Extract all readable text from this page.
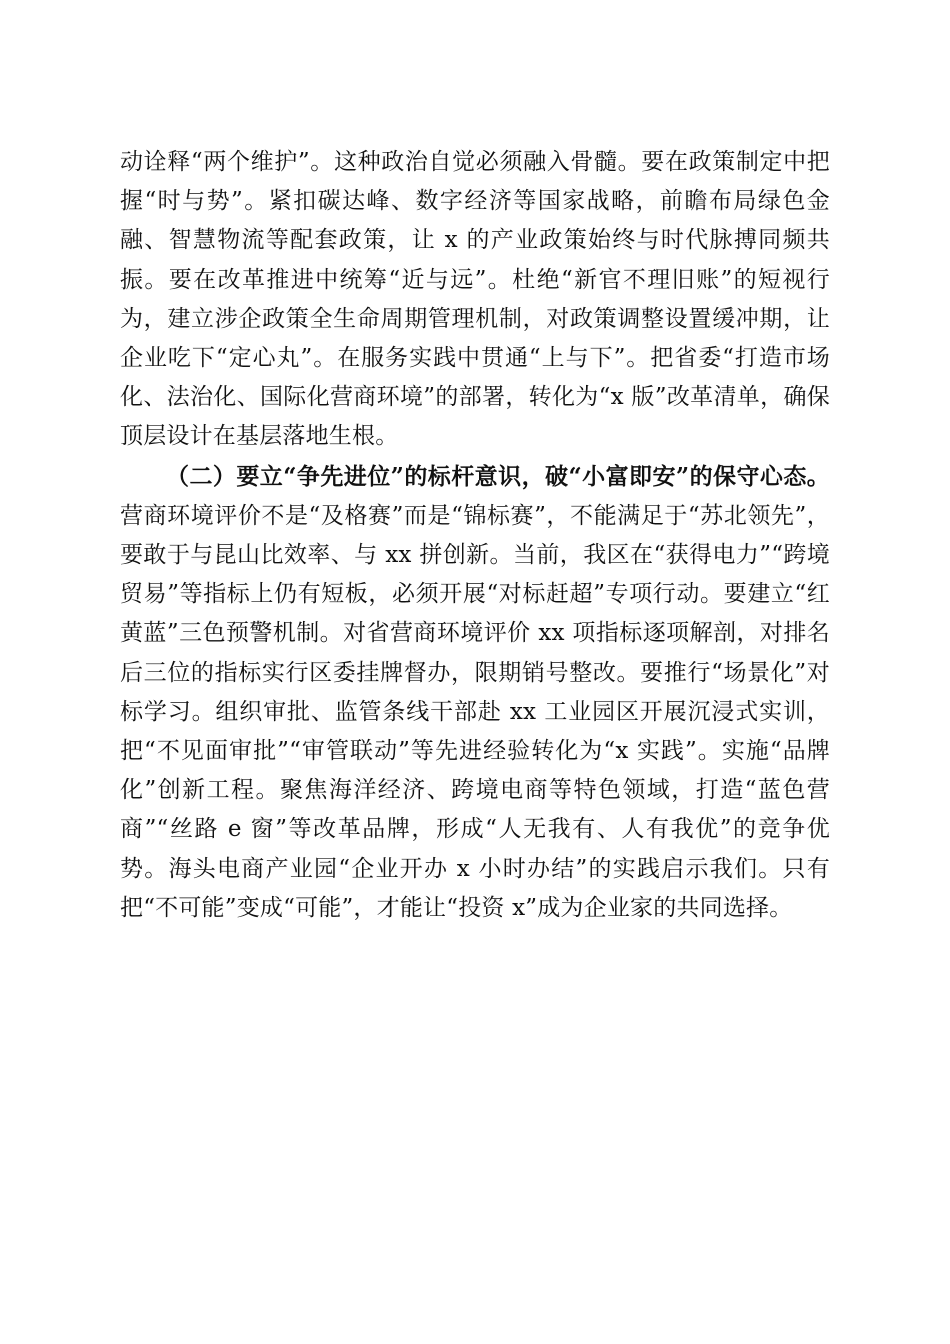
动诠释“两个维护”。这种政治自觉必须融入骨髓。要在政策制定中把握“时与势”。紧扣碳达峰、数字经济等国家战略，前瞻布局绿色金融、智慧物流等配套政策，让 x 的产业政策始终与时代脉搏同频共振。要在改革推进中统筹“近与远”。杜绝“新官不理旧账”的短视行为，建立涉企政策全生命周期管理机制，对政策调整设置缓冲期，让企业吃下“定心丸”。在服务实践中贯通“上与下”。把省委“打造市场化、法治化、国际化营商环境”的部署，转化为“x 版”改革清单，确保顶层设计在基层落地生根。

（二）要立“争先进位”的标杆意识，破“小富即安”的保守心态。营商环境评价不是“及格赛”而是“锦标赛”，不能满足于“苏北领先”，要敢于与昆山比效率、与 xx 拼创新。当前，我区在“获得电力”“跨境贸易”等指标上仍有短板，必须开展“对标赶超”专项行动。要建立“红黄蓝”三色预警机制。对省营商环境评价 xx 项指标逐项解剖，对排名后三位的指标实行区委挂牌督办，限期销号整改。要推行“场景化”对标学习。组织审批、监管条线干部赴 xx 工业园区开展沉浸式实训，把“不见面审批”“审管联动”等先进经验转化为“x 实践”。实施“品牌化”创新工程。聚焦海洋经济、跨境电商等特色领域，打造“蓝色营商”“丝路 e 窗”等改革品牌，形成“人无我有、人有我优”的竞争优势。海头电商产业园“企业开办 x 小时办结”的实践启示我们。只有把“不可能”变成“可能”，才能让“投资 x”成为企业家的共同选择。
